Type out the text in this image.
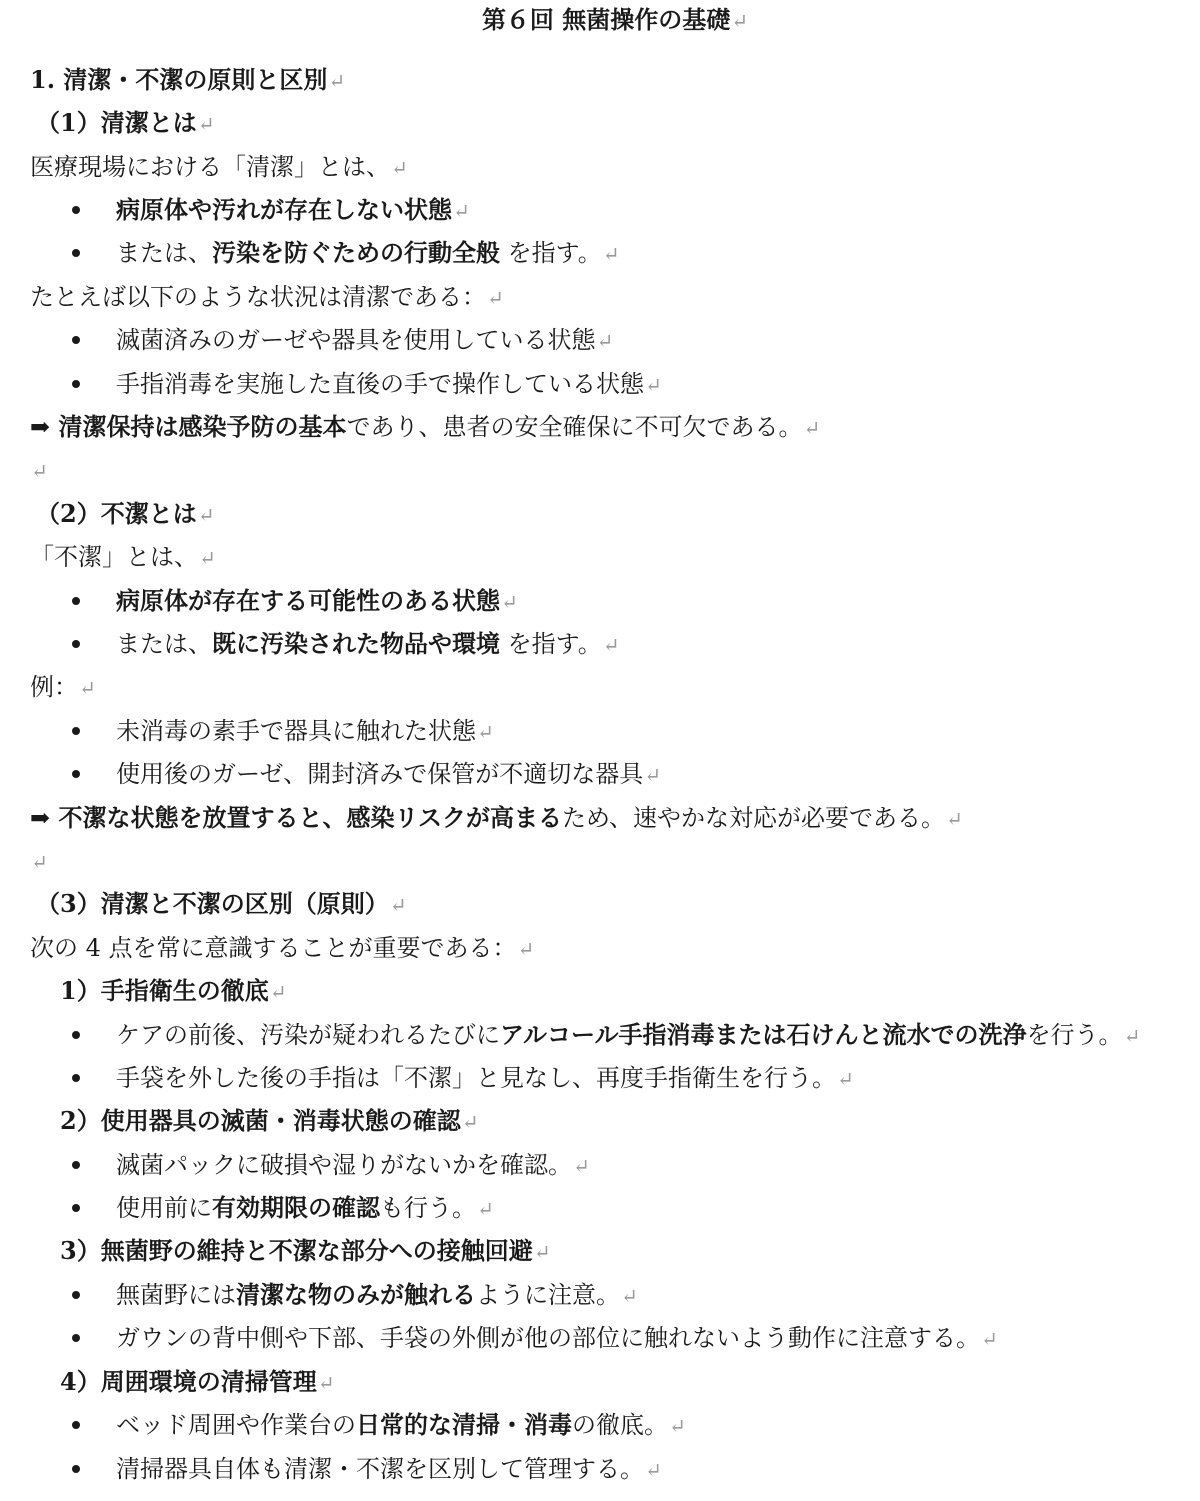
第６回 無菌操作の基礎↵
1. 清潔・不潔の原則と区別↵
（1）清潔とは↵
医療現場における「清潔」とは、↵
病原体や汚れが存在しない状態↵
または、汚染を防ぐための行動全般 を指す。↵
たとえば以下のような状況は清潔である：↵
滅菌済みのガーゼや器具を使用している状態↵
手指消毒を実施した直後の手で操作している状態↵
➡ 清潔保持は感染予防の基本であり、患者の安全確保に不可欠である。↵
↵
（2）不潔とは↵
「不潔」とは、↵
病原体が存在する可能性のある状態↵
または、既に汚染された物品や環境 を指す。↵
例：↵
未消毒の素手で器具に触れた状態↵
使用後のガーゼ、開封済みで保管が不適切な器具↵
➡ 不潔な状態を放置すると、感染リスクが高まるため、速やかな対応が必要である。↵
↵
（3）清潔と不潔の区別（原則）↵
次の 4 点を常に意識することが重要である：↵
1）手指衛生の徹底↵
ケアの前後、汚染が疑われるたびにアルコール手指消毒または石けんと流水での洗浄を行う。↵
手袋を外した後の手指は「不潔」と見なし、再度手指衛生を行う。↵
2）使用器具の滅菌・消毒状態の確認↵
滅菌パックに破損や湿りがないかを確認。↵
使用前に有効期限の確認も行う。↵
3）無菌野の維持と不潔な部分への接触回避↵
無菌野には清潔な物のみが触れるように注意。↵
ガウンの背中側や下部、手袋の外側が他の部位に触れないよう動作に注意する。↵
4）周囲環境の清掃管理↵
ベッド周囲や作業台の日常的な清掃・消毒の徹底。↵
清掃器具自体も清潔・不潔を区別して管理する。↵
